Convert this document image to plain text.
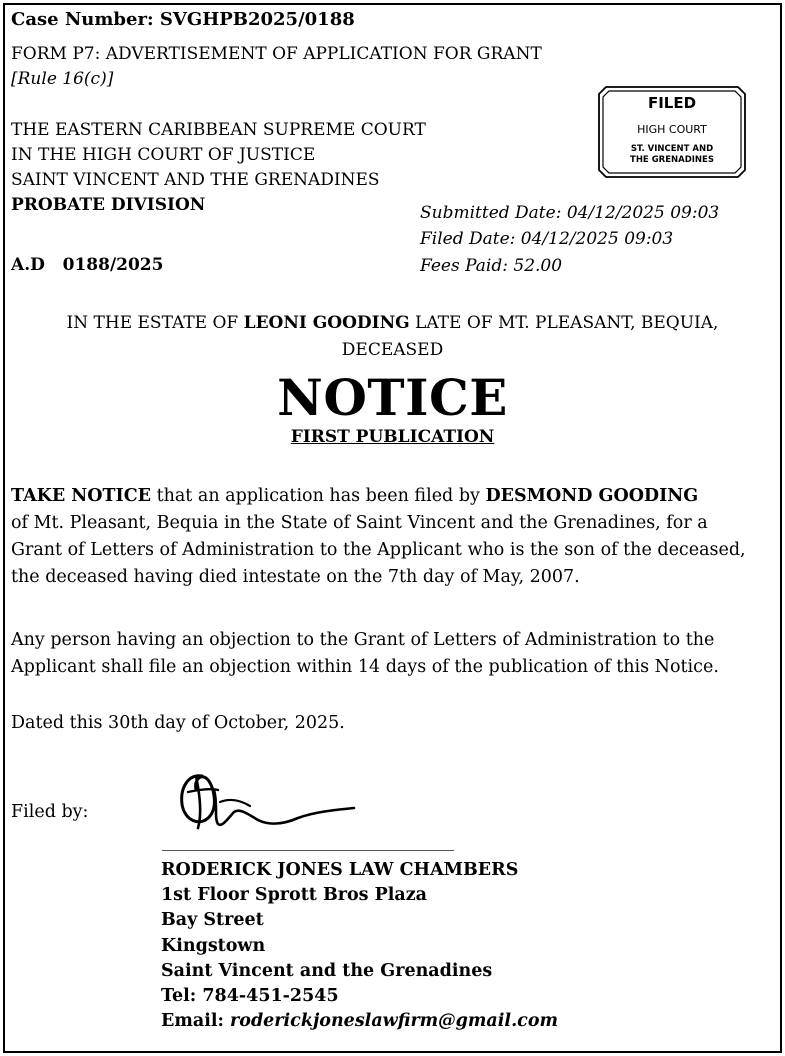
Case Number: SVGHPB2025/0188
FORM P7: ADVERTISEMENT OF APPLICATION FOR GRANT
[Rule 16(c)]
THE EASTERN CARIBBEAN SUPREME COURT
IN THE HIGH COURT OF JUSTICE
SAINT VINCENT AND THE GRENADINES
PROBATE DIVISION
A.D 0188/2025
FILED
HIGH COURT
ST. VINCENT AND
THE GRENADINES
Submitted Date: 04/12/2025 09:03
Filed Date: 04/12/2025 09:03
Fees Paid: 52.00
IN THE ESTATE OF LEONI GOODING LATE OF MT. PLEASANT, BEQUIA,
DECEASED
NOTICE
FIRST PUBLICATION
TAKE NOTICE that an application has been filed by DESMOND GOODING
of Mt. Pleasant, Bequia in the State of Saint Vincent and the Grenadines, for a
Grant of Letters of Administration to the Applicant who is the son of the deceased,
the deceased having died intestate on the 7th day of May, 2007.
Any person having an objection to the Grant of Letters of Administration to the
Applicant shall file an objection within 14 days of the publication of this Notice.
Dated this 30th day of October, 2025.
Filed by:
RODERICK JONES LAW CHAMBERS
1st Floor Sprott Bros Plaza
Bay Street
Kingstown
Saint Vincent and the Grenadines
Tel: 784-451-2545
Email: roderickjoneslawfirm@gmail.com
